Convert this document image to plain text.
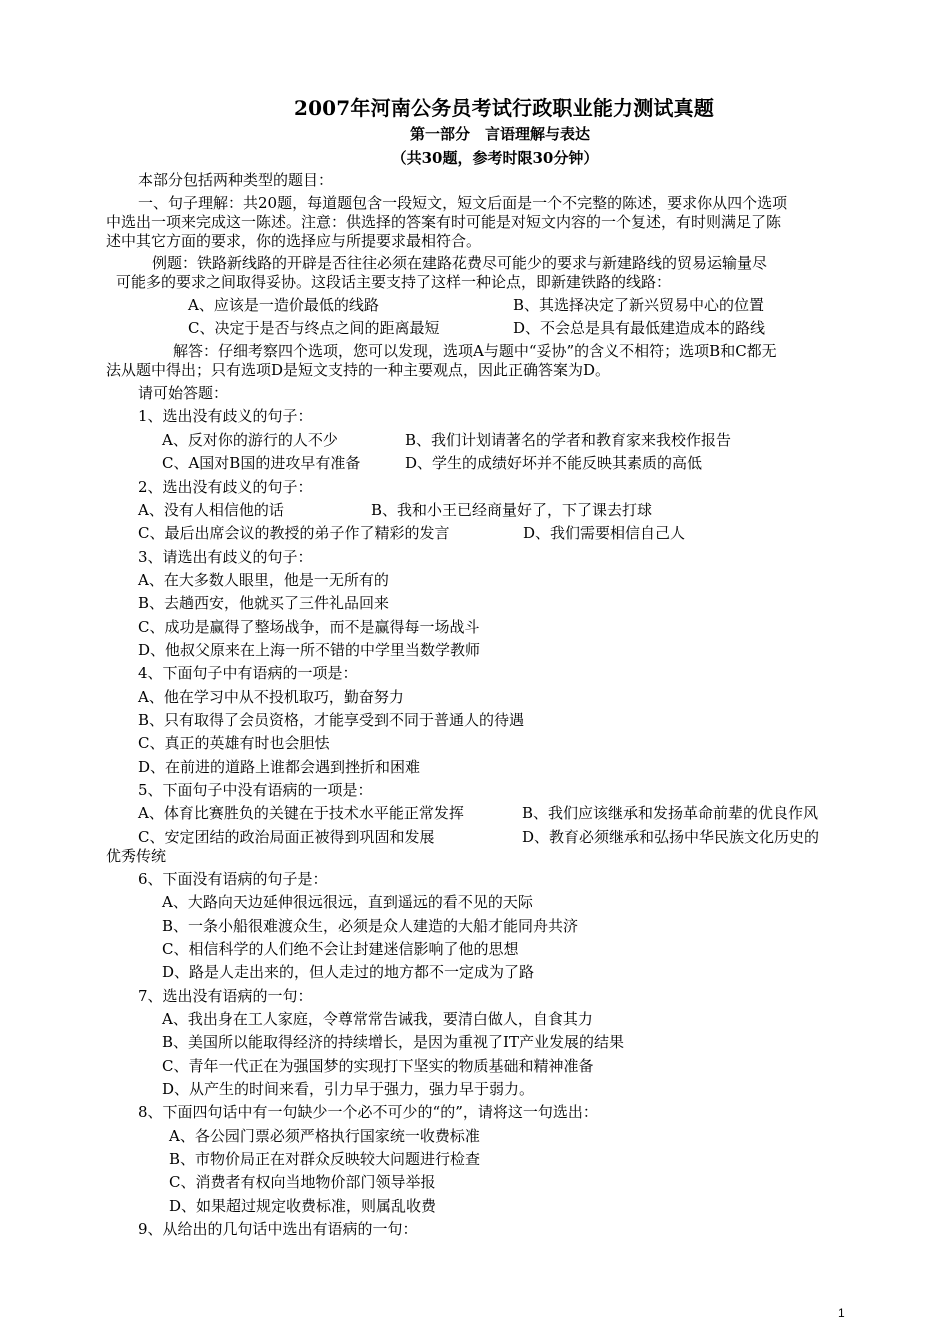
2007年河南公务员考试行政职业能力测试真题
第一部分　言语理解与表达
（共30题，参考时限30分钟）
本部分包括两种类型的题目：
一、句子理解：共20题，每道题包含一段短文，短文后面是一个不完整的陈述，要求你从四个选项
中选出一项来完成这一陈述。注意：供选择的答案有时可能是对短文内容的一个复述，有时则满足了陈
述中其它方面的要求，你的选择应与所提要求最相符合。
例题：铁路新线路的开辟是否往往必须在建路花费尽可能少的要求与新建路线的贸易运输量尽
可能多的要求之间取得妥协。这段话主要支持了这样一种论点，即新建铁路的线路：
A、应该是一造价最低的线路	B、其选择决定了新兴贸易中心的位置
C、决定于是否与终点之间的距离最短	D、不会总是具有最低建造成本的路线
解答：仔细考察四个选项，您可以发现，选项A与题中“妥协”的含义不相符；选项B和C都无
法从题中得出；只有选项D是短文支持的一种主要观点，因此正确答案为D。
请可始答题：
1、选出没有歧义的句子：
A、反对你的游行的人不少	B、我们计划请著名的学者和教育家来我校作报告
C、A国对B国的进攻早有准备	D、学生的成绩好坏并不能反映其素质的高低
2、选出没有歧义的句子：
A、没有人相信他的话	B、我和小王已经商量好了，下了课去打球
C、最后出席会议的教授的弟子作了精彩的发言	D、我们需要相信自己人
3、请选出有歧义的句子：
A、在大多数人眼里，他是一无所有的
B、去趟西安，他就买了三件礼品回来
C、成功是赢得了整场战争，而不是赢得每一场战斗
D、他叔父原来在上海一所不错的中学里当数学教师
4、下面句子中有语病的一项是：
A、他在学习中从不投机取巧，勤奋努力
B、只有取得了会员资格，才能享受到不同于普通人的待遇
C、真正的英雄有时也会胆怯
D、在前进的道路上谁都会遇到挫折和困难
5、下面句子中没有语病的一项是：
A、体育比赛胜负的关键在于技术水平能正常发挥	B、我们应该继承和发扬革命前辈的优良作风
C、安定团结的政治局面正被得到巩固和发展	D、教育必须继承和弘扬中华民族文化历史的
优秀传统
6、下面没有语病的句子是：
A、大路向天边延伸很远很远，直到遥远的看不见的天际
B、一条小船很难渡众生，必须是众人建造的大船才能同舟共济
C、相信科学的人们绝不会让封建迷信影响了他的思想
D、路是人走出来的，但人走过的地方都不一定成为了路
7、选出没有语病的一句：
A、我出身在工人家庭，令尊常常告诫我，要清白做人，自食其力
B、美国所以能取得经济的持续增长，是因为重视了IT产业发展的结果
C、青年一代正在为强国梦的实现打下坚实的物质基础和精神准备
D、从产生的时间来看，引力早于强力，强力早于弱力。
8、下面四句话中有一句缺少一个必不可少的“的”，请将这一句选出：
A、各公园门票必须严格执行国家统一收费标准
B、市物价局正在对群众反映较大问题进行检查
C、消费者有权向当地物价部门领导举报
D、如果超过规定收费标准，则属乱收费
9、从给出的几句话中选出有语病的一句：
1
